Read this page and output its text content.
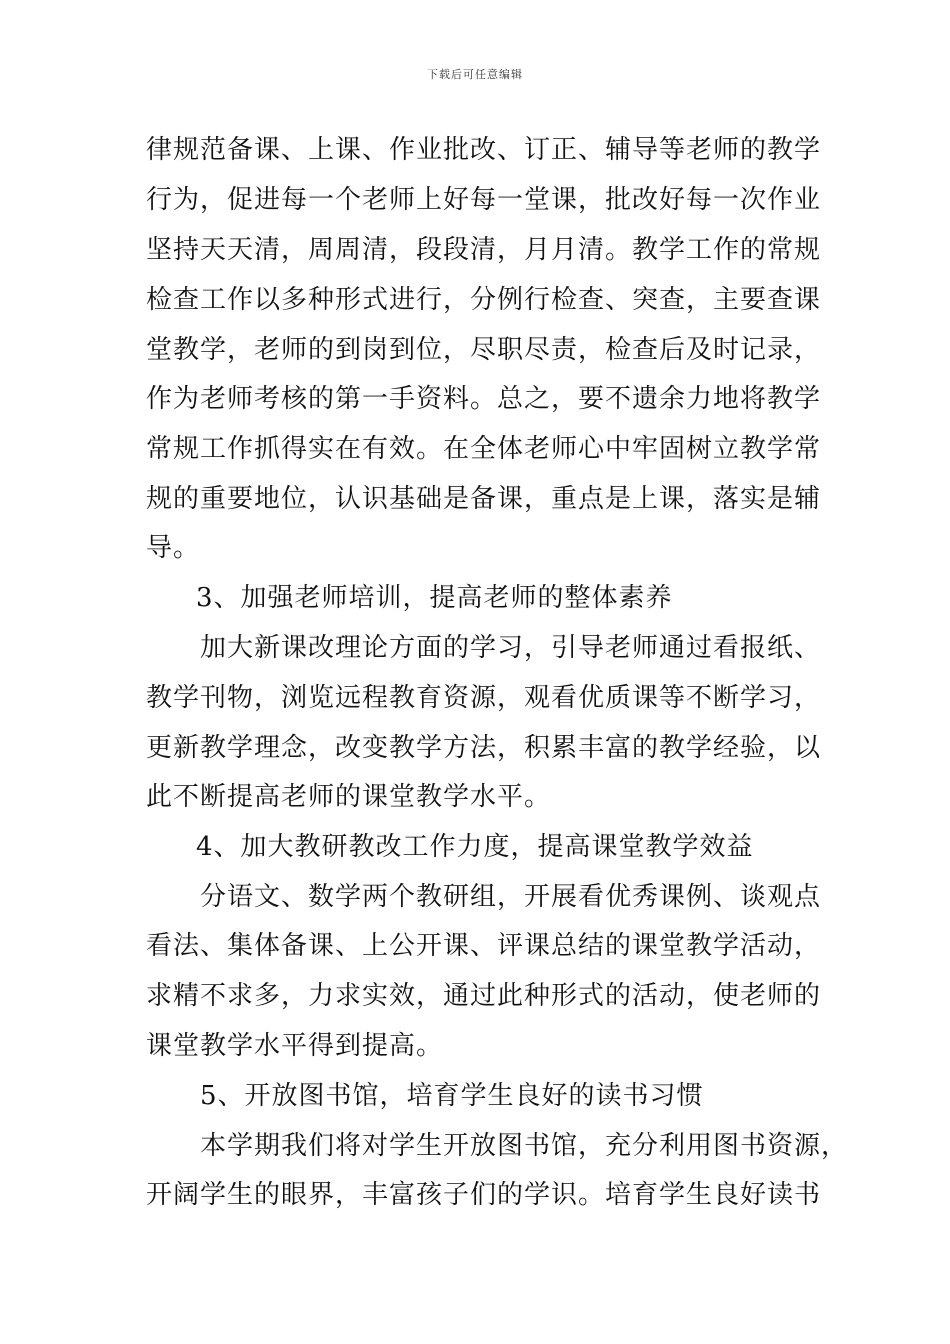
下载后可任意编辑
律规范备课、上课、作业批改、订正、辅导等老师的教学
行为，促进每一个老师上好每一堂课，批改好每一次作业
坚持天天清，周周清，段段清，月月清。教学工作的常规
检查工作以多种形式进行，分例行检查、突查，主要查课
堂教学，老师的到岗到位，尽职尽责，检查后及时记录，
作为老师考核的第一手资料。总之，要不遗余力地将教学
常规工作抓得实在有效。在全体老师心中牢固树立教学常
规的重要地位，认识基础是备课，重点是上课，落实是辅
导。
3、加强老师培训，提高老师的整体素养
加大新课改理论方面的学习，引导老师通过看报纸、
教学刊物，浏览远程教育资源，观看优质课等不断学习，
更新教学理念，改变教学方法，积累丰富的教学经验，以
此不断提高老师的课堂教学水平。
4、加大教研教改工作力度，提高课堂教学效益
分语文、数学两个教研组，开展看优秀课例、谈观点
看法、集体备课、上公开课、评课总结的课堂教学活动，
求精不求多，力求实效，通过此种形式的活动，使老师的
课堂教学水平得到提高。
5、开放图书馆，培育学生良好的读书习惯
本学期我们将对学生开放图书馆，充分利用图书资源，
开阔学生的眼界，丰富孩子们的学识。培育学生良好读书
